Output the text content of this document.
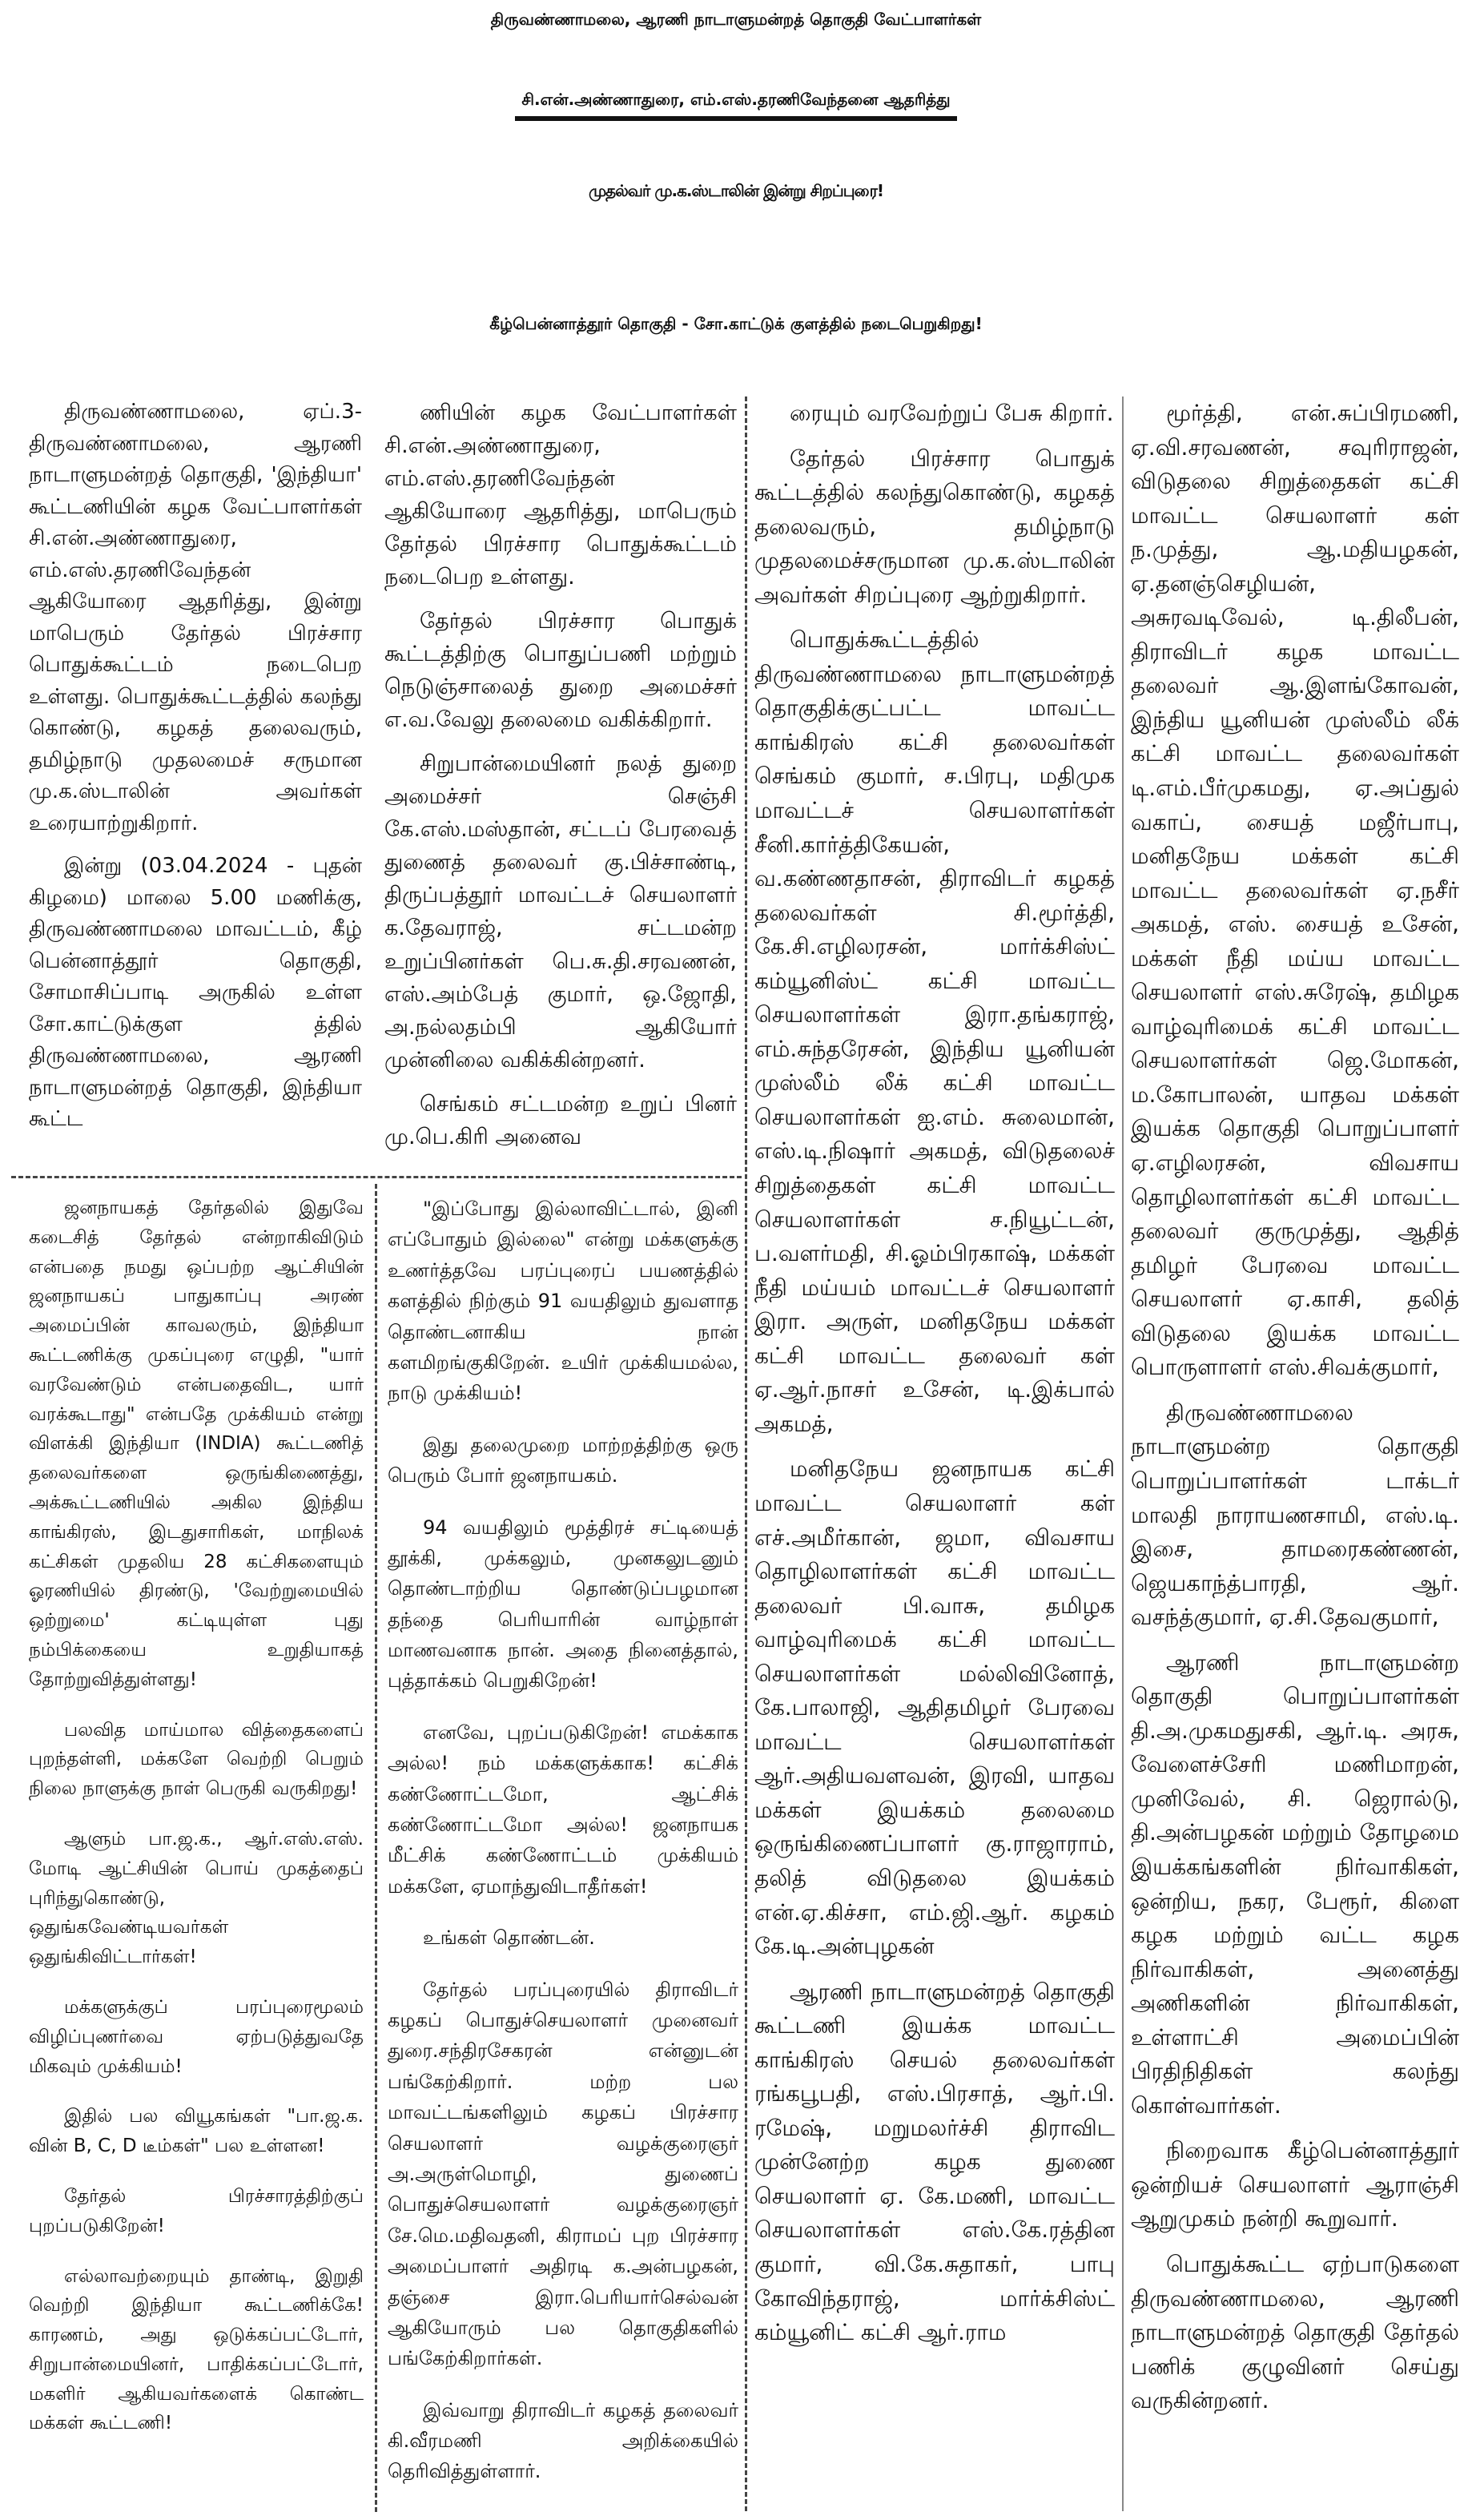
திருவண்ணாமலை, ஆரணி நாடாளுமன்றத் தொகுதி வேட்பாளர்கள்
சி.என்.அண்ணாதுரை, எம்.எஸ்.தரணிவேந்தனை ஆதரித்து
முதல்வர் மு.க.ஸ்டாலின் இன்று சிறப்புரை!
கீழ்பென்னாத்தூர் தொகுதி - சோ.காட்டுக் குளத்தில் நடைபெறுகிறது!

திருவண்ணாமலை, ஏப்.3- திருவண்ணாமலை, ஆரணி நாடாளுமன்றத் தொகுதி, 'இந்தியா' கூட்டணியின் கழக வேட்பாளர்கள் சி.என்.அண்ணாதுரை, எம்.எஸ்.தரணிவேந்தன் ஆகியோரை ஆதரித்து, இன்று மாபெரும் தேர்தல் பிரச்சார பொதுக்கூட்டம் நடைபெற உள்ளது. பொதுக்கூட்டத்தில் கலந்து கொண்டு, கழகத் தலைவரும், தமிழ்நாடு முதலமைச் சருமான மு.க.ஸ்டாலின் அவர்கள் உரையாற்றுகிறார்.

இன்று (03.04.2024 - புதன் கிழமை) மாலை 5.00 மணிக்கு, திருவண்ணாமலை மாவட்டம், கீழ் பென்னாத்தூர் தொகுதி, சோமாசிப்பாடி அருகில் உள்ள சோ.காட்டுக்குள த்தில் திருவண்ணாமலை, ஆரணி நாடாளுமன்றத் தொகுதி, இந்தியா கூட்ட

ணியின் கழக வேட்பாளர்கள் சி.என்.அண்ணாதுரை, எம்.எஸ்.தரணிவேந்தன் ஆகியோரை ஆதரித்து, மாபெரும் தேர்தல் பிரச்சார பொதுக்கூட்டம் நடைபெற உள்ளது.

தேர்தல் பிரச்சார பொதுக் கூட்டத்திற்கு பொதுப்பணி மற்றும் நெடுஞ்சாலைத் துறை அமைச்சர் எ.வ.வேலு தலைமை வகிக்கிறார்.

சிறுபான்மையினர் நலத் துறை அமைச்சர் செஞ்சி கே.எஸ்.மஸ்தான், சட்டப் பேரவைத் துணைத் தலைவர் கு.பிச்சாண்டி, திருப்பத்தூர் மாவட்டச் செயலாளர் க.தேவராஜ், சட்டமன்ற உறுப்பினர்கள் பெ.சு.தி.சரவணன், எஸ்.அம்பேத் குமார், ஒ.ஜோதி, அ.நல்லதம்பி ஆகியோர் முன்னிலை வகிக்கின்றனர்.

செங்கம் சட்டமன்ற உறுப் பினர் மு.பெ.கிரி அனைவ

ரையும் வரவேற்றுப் பேசு கிறார்.

தேர்தல் பிரச்சார பொதுக் கூட்டத்தில் கலந்துகொண்டு, கழகத் தலைவரும், தமிழ்நாடு முதலமைச்சருமான மு.க.ஸ்டாலின் அவர்கள் சிறப்புரை ஆற்றுகிறார்.

பொதுக்கூட்டத்தில் திருவண்ணாமலை நாடாளுமன்றத் தொகுதிக்குட்பட்ட மாவட்ட காங்கிரஸ் கட்சி தலைவர்கள் செங்கம் குமார், ச.பிரபு, மதிமுக மாவட்டச் செயலாளர்கள் சீனி.கார்த்திகேயன், வ.கண்ணதாசன், திராவிடர் கழகத் தலைவர்கள் சி.மூர்த்தி, கே.சி.எழிலரசன், மார்க்சிஸ்ட் கம்யூனிஸ்ட் கட்சி மாவட்ட செயலாளர்கள் இரா.தங்கராஜ், எம்.சுந்தரேசன், இந்திய யூனியன் முஸ்லீம் லீக் கட்சி மாவட்ட செயலாளர்கள் ஐ.எம். சுலைமான், எஸ்.டி.நிஷார் அகமத், விடுதலைச் சிறுத்தைகள் கட்சி மாவட்ட செயலாளர்கள் ச.நியூட்டன், ப.வளர்மதி, சி.ஓம்பிரகாஷ், மக்கள் நீதி மய்யம் மாவட்டச் செயலாளர் இரா. அருள், மனிதநேய மக்கள் கட்சி மாவட்ட தலைவர் கள் ஏ.ஆர்.நாசர் உசேன், டி.இக்பால் அகமத்,

மனிதநேய ஜனநாயக கட்சி மாவட்ட செயலாளர் கள் எச்.அமீர்கான், ஜமா, விவசாய தொழிலாளர்கள் கட்சி மாவட்ட தலைவர் பி.வாசு, தமிழக வாழ்வுரிமைக் கட்சி மாவட்ட செயலாளர்கள் மல்லிவினோத், கே.பாலாஜி, ஆதிதமிழர் பேரவை மாவட்ட செயலாளர்கள் ஆர்.அதியவளவன், இரவி, யாதவ மக்கள் இயக்கம் தலைமை ஒருங்கிணைப்பாளர் கு.ராஜாராம், தலித் விடுதலை இயக்கம் என்.ஏ.கிச்சா, எம்.ஜி.ஆர். கழகம் கே.டி.அன்புழகன்

ஆரணி நாடாளுமன்றத் தொகுதி கூட்டணி இயக்க மாவட்ட காங்கிரஸ் செயல் தலைவர்கள் ரங்கபூபதி, எஸ்.பிரசாத், ஆர்.பி. ரமேஷ், மறுமலர்ச்சி திராவிட முன்னேற்ற கழக துணை செயலாளர் ஏ. கே.மணி, மாவட்ட செயலாளர்கள் எஸ்.கே.ரத்தின குமார், வி.கே.சுதாகர், பாபு கோவிந்தராஜ், மார்க்சிஸ்ட் கம்யூனிட் கட்சி ஆர்.ராம

மூர்த்தி, என்.சுப்பிரமணி, ஏ.வி.சரவணன், சவுரிராஜன், விடுதலை சிறுத்தைகள் கட்சி மாவட்ட செயலாளர் கள் ந.முத்து, ஆ.மதியழகன், ஏ.தனஞ்செழியன், அசுரவடிவேல், டி.திலீபன், திராவிடர் கழக மாவட்ட தலைவர் ஆ.இளங்கோவன், இந்திய யூனியன் முஸ்லீம் லீக் கட்சி மாவட்ட தலைவர்கள் டி.எம்.பீர்முகமது, ஏ.அப்துல் வகாப், சையத் மஜீர்பாபு, மனிதநேய மக்கள் கட்சி மாவட்ட தலைவர்கள் ஏ.நசீர் அகமத், எஸ். சையத் உசேன், மக்கள் நீதி மய்ய மாவட்ட செயலாளர் எஸ்.சுரேஷ், தமிழக வாழ்வுரிமைக் கட்சி மாவட்ட செயலாளர்கள் ஜெ.மோகன், ம.கோபாலன், யாதவ மக்கள் இயக்க தொகுதி பொறுப்பாளர் ஏ.எழிலரசன், விவசாய தொழிலாளர்கள் கட்சி மாவட்ட தலைவர் குருமுத்து, ஆதித் தமிழர் பேரவை மாவட்ட செயலாளர் ஏ.காசி, தலித் விடுதலை இயக்க மாவட்ட பொருளாளர் எஸ்.சிவக்குமார்,

திருவண்ணாமலை நாடாளுமன்ற தொகுதி பொறுப்பாளர்கள் டாக்டர் மாலதி நாராயணசாமி, எஸ்.டி. இசை, தாமரைகண்ணன், ஜெயகாந்த்பாரதி, ஆர். வசந்த்குமார், ஏ.சி.தேவகுமார்,

ஆரணி நாடாளுமன்ற தொகுதி பொறுப்பாளர்கள் தி.அ.முகமதுசகி, ஆர்.டி. அரசு, வேளைச்சேரி மணிமாறன், முனிவேல், சி. ஜெரால்டு, தி.அன்பழகன் மற்றும் தோழமை இயக்கங்களின் நிர்வாகிகள், ஒன்றிய, நகர, பேரூர், கிளை கழக மற்றும் வட்ட கழக நிர்வாகிகள், அனைத்து அணிகளின் நிர்வாகிகள், உள்ளாட்சி அமைப்பின் பிரதிநிதிகள் கலந்து கொள்வார்கள்.

நிறைவாக கீழ்பென்னாத்தூர் ஒன்றியச் செயலாளர் ஆராஞ்சி ஆறுமுகம் நன்றி கூறுவார்.

பொதுக்கூட்ட ஏற்பாடுகளை திருவண்ணாமலை, ஆரணி நாடாளுமன்றத் தொகுதி தேர்தல் பணிக் குழுவினர் செய்து வருகின்றனர்.

ஜனநாயகத் தேர்தலில் இதுவே கடைசித் தேர்தல் என்றாகிவிடும் என்பதை நமது ஒப்பற்ற ஆட்சியின் ஜனநாயகப் பாதுகாப்பு அரண் அமைப்பின் காவலரும், இந்தியா கூட்டணிக்கு முகப்புரை எழுதி, "யார் வரவேண்டும் என்பதைவிட, யார் வரக்கூடாது" என்பதே முக்கியம் என்று விளக்கி இந்தியா (INDIA) கூட்டணித் தலைவர்களை ஒருங்கிணைத்து, அக்கூட்டணியில் அகில இந்திய காங்கிரஸ், இடதுசாரிகள், மாநிலக் கட்சிகள் முதலிய 28 கட்சிகளையும் ஓரணியில் திரண்டு, 'வேற்றுமையில் ஒற்றுமை' கட்டியுள்ள புது நம்பிக்கையை உறுதியாகத் தோற்றுவித்துள்ளது!

பலவித மாய்மால வித்தைகளைப் புறந்தள்ளி, மக்களே வெற்றி பெறும் நிலை நாளுக்கு நாள் பெருகி வருகிறது!

ஆளும் பா.ஜ.க., ஆர்.எஸ்.எஸ். மோடி ஆட்சியின் பொய் முகத்தைப் புரிந்துகொண்டு, ஒதுங்கவேண்டியவர்கள் ஒதுங்கிவிட்டார்கள்!

மக்களுக்குப் பரப்புரைமூலம் விழிப்புணர்வை ஏற்படுத்துவதே மிகவும் முக்கியம்!

இதில் பல வியூகங்கள் "பா.ஜ.க. வின் B, C, D டீம்கள்" பல உள்ளன!

தேர்தல் பிரச்சாரத்திற்குப் புறப்படுகிறேன்!

எல்லாவற்றையும் தாண்டி, இறுதி வெற்றி இந்தியா கூட்டணிக்கே! காரணம், அது ஒடுக்கப்பட்டோர், சிறுபான்மையினர், பாதிக்கப்பட்டோர், மகளிர் ஆகியவர்களைக் கொண்ட மக்கள் கூட்டணி!

"இப்போது இல்லாவிட்டால், இனி எப்போதும் இல்லை" என்று மக்களுக்கு உணர்த்தவே பரப்புரைப் பயணத்தில் களத்தில் நிற்கும் 91 வயதிலும் துவளாத தொண்டனாகிய நான் களமிறங்குகிறேன். உயிர் முக்கியமல்ல, நாடு முக்கியம்!

இது தலைமுறை மாற்றத்திற்கு ஒரு பெரும் போர் ஜனநாயகம்.

94 வயதிலும் மூத்திரச் சட்டியைத் தூக்கி, முக்கலும், முனகலுடனும் தொண்டாற்றிய தொண்டுப்பழமான தந்தை பெரியாரின் வாழ்நாள் மாணவனாக நான். அதை நினைத்தால், புத்தாக்கம் பெறுகிறேன்!

எனவே, புறப்படுகிறேன்! எமக்காக அல்ல! நம் மக்களுக்காக! கட்சிக் கண்ணோட்டமோ, ஆட்சிக் கண்ணோட்டமோ அல்ல! ஜனநாயக மீட்சிக் கண்ணோட்டம் முக்கியம் மக்களே, ஏமாந்துவிடாதீர்கள்!

உங்கள் தொண்டன்.

தேர்தல் பரப்புரையில் திராவிடர் கழகப் பொதுச்செயலாளர் முனைவர் துரை.சந்திரசேகரன் என்னுடன் பங்கேற்கிறார். மற்ற பல மாவட்டங்களிலும் கழகப் பிரச்சார செயலாளர் வழக்குரைஞர் அ.அருள்மொழி, துணைப் பொதுச்செயலாளர் வழக்குரைஞர் சே.மெ.மதிவதனி, கிராமப் புற பிரச்சார அமைப்பாளர் அதிரடி க.அன்பழகன், தஞ்சை இரா.பெரியார்செல்வன் ஆகியோரும் பல தொகுதிகளில் பங்கேற்கிறார்கள்.

இவ்வாறு திராவிடர் கழகத் தலைவர் கி.வீரமணி அறிக்கையில் தெரிவித்துள்ளார்.
